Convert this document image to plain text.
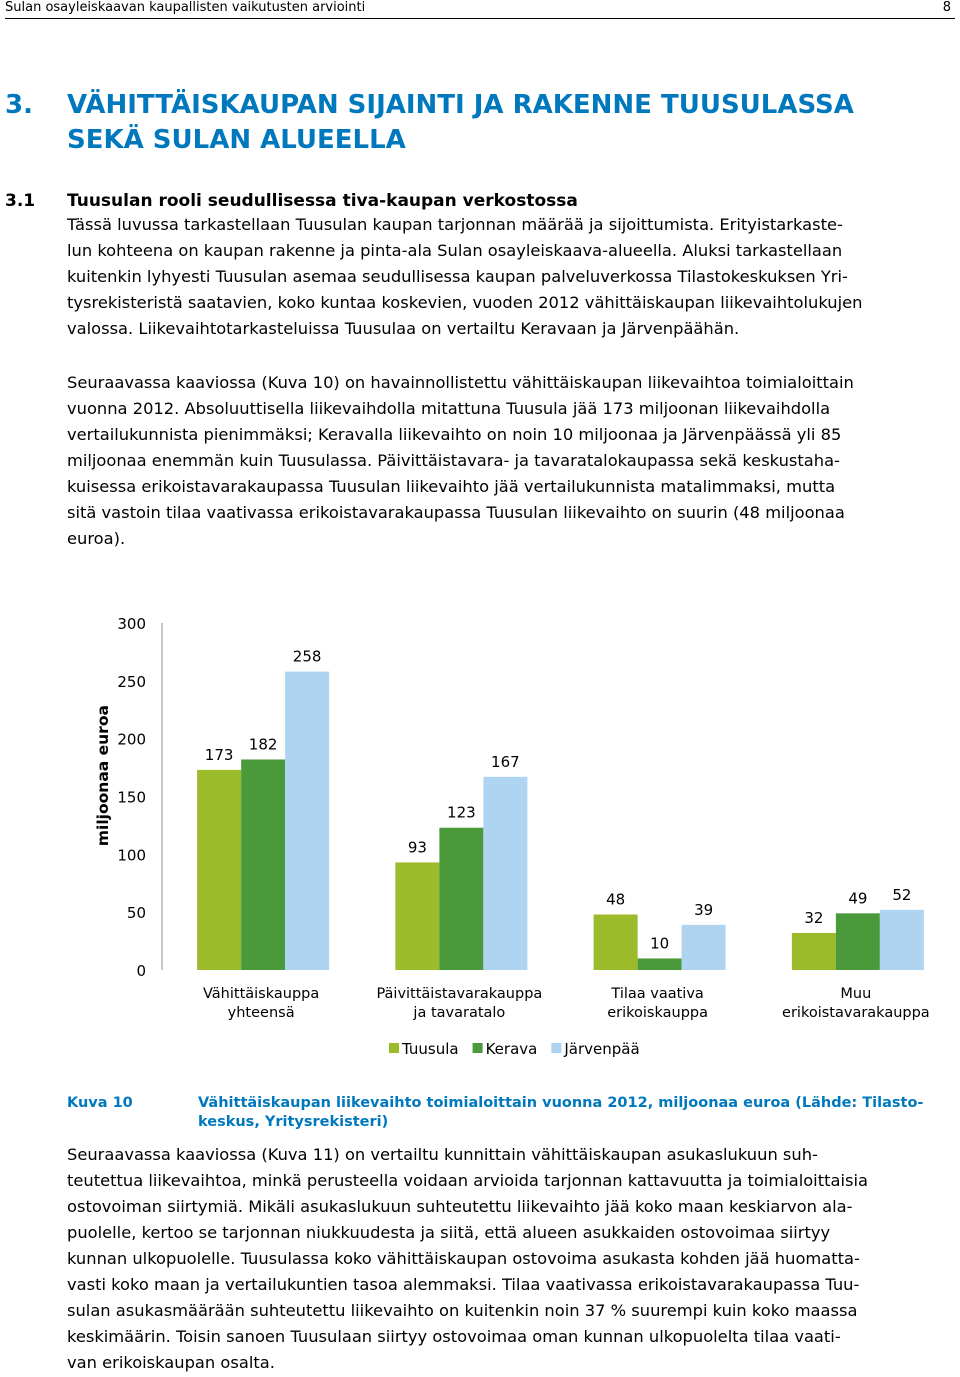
Sulan osayleiskaavan kaupallisten vaikutusten arviointi	8
3. VÄHITTÄISKAUPAN SIJAINTI JA RAKENNE TUUSULASSA
SEKÄ SULAN ALUEELLA
3.1 Tuusulan rooli seudullisessa tiva-kaupan verkostossa

Tässä luvussa tarkastellaan Tuusulan kaupan tarjonnan määrää ja sijoittumista. Erityistarkaste-

lun kohteena on kaupan rakenne ja pinta-ala Sulan osayleiskaava-alueella. Aluksi tarkastellaan

kuitenkin lyhyesti Tuusulan asemaa seudullisessa kaupan palveluverkossa Tilastokeskuksen Yri-

tysrekisteristä saatavien, koko kuntaa koskevien, vuoden 2012 vähittäiskaupan liikevaihtolukujen

valossa. Liikevaihtotarkasteluissa Tuusulaa on vertailtu Keravaan ja Järvenpäähän.

Seuraavassa kaaviossa (Kuva 10) on havainnollistettu vähittäiskaupan liikevaihtoa toimialoittain

vuonna 2012. Absoluuttisella liikevaihdolla mitattuna Tuusula jää 173 miljoonan liikevaihdolla

vertailukunnista pienimmäksi; Keravalla liikevaihto on noin 10 miljoonaa ja Järvenpäässä yli 85

miljoonaa enemmän kuin Tuusulassa. Päivittäistavara- ja tavaratalokaupassa sekä keskustaha-

kuisessa erikoistavarakaupassa Tuusulan liikevaihto jää vertailukunnista matalimmaksi, mutta

sitä vastoin tilaa vaativassa erikoistavarakaupassa Tuusulan liikevaihto on suurin (48 miljoonaa

euroa).

0
50
100
150
200
250
300
miljoonaa euroa	173
182
258
Vähittäiskauppa
yhteensä
93
123
167
Päivittäistavarakauppa
ja tavaratalo
48
10
39
Tilaa vaativa
erikoiskauppa
32
49 52
Muu
erikoistavarakauppa
Tuusula Kerava Järvenpää
Kuva 10	Vähittäiskaupan liikevaihto toimialoittain vuonna 2012, miljoonaa euroa (Lähde: Tilasto-

keskus, Yritysrekisteri)

Seuraavassa kaaviossa (Kuva 11) on vertailtu kunnittain vähittäiskaupan asukaslukuun suh-

teutettua liikevaihtoa, minkä perusteella voidaan arvioida tarjonnan kattavuutta ja toimialoittaisia

ostovoiman siirtymiä. Mikäli asukaslukuun suhteutettu liikevaihto jää koko maan keskiarvon ala-

puolelle, kertoo se tarjonnan niukkuudesta ja siitä, että alueen asukkaiden ostovoimaa siirtyy

kunnan ulkopuolelle. Tuusulassa koko vähittäiskaupan ostovoima asukasta kohden jää huomatta-

vasti koko maan ja vertailukuntien tasoa alemmaksi. Tilaa vaativassa erikoistavarakaupassa Tuu-

sulan asukasmäärään suhteutettu liikevaihto on kuitenkin noin 37 % suurempi kuin koko maassa

keskimäärin. Toisin sanoen Tuusulaan siirtyy ostovoimaa oman kunnan ulkopuolelta tilaa vaati-

van erikoiskaupan osalta.
